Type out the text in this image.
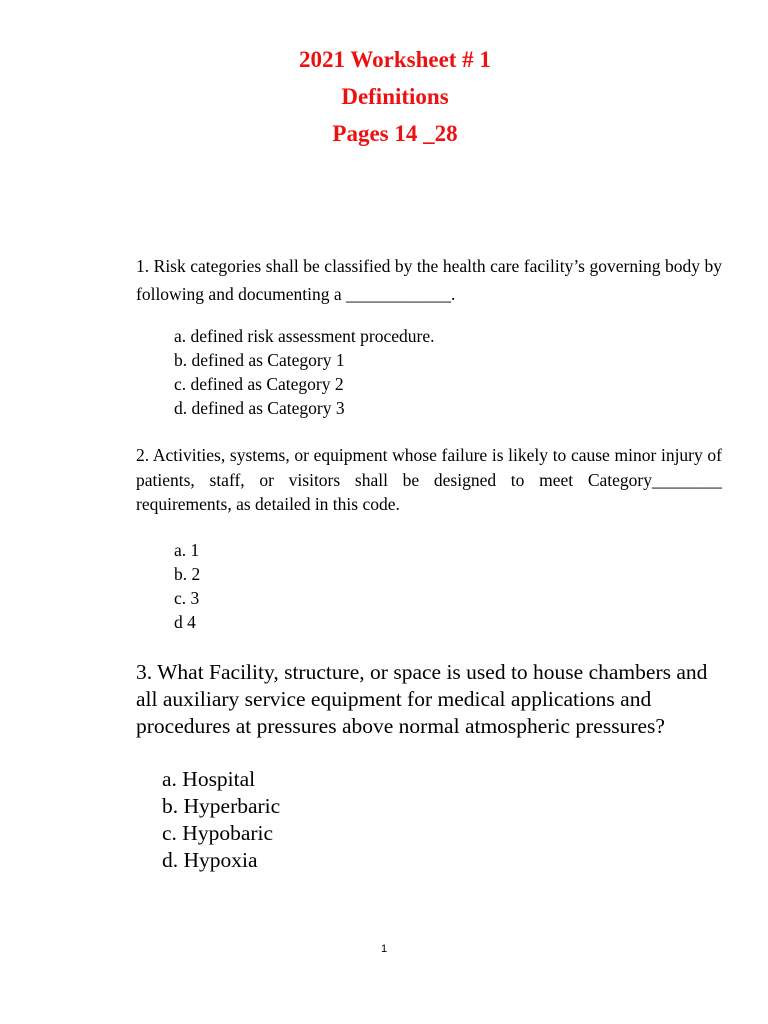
2021 Worksheet # 1
Definitions
Pages 14 _28
1. Risk categories shall be classified by the health care facility’s governing body by following and documenting a ____________.
a. defined risk assessment procedure.
b. defined as Category 1
c. defined as Category 2
d. defined as Category 3
2. Activities, systems, or equipment whose failure is likely to cause minor injury of patients, staff, or visitors shall be designed to meet Category________ requirements, as detailed in this code.
a. 1
b. 2
c. 3
d 4
3. What Facility, structure, or space is used to house chambers and all auxiliary service equipment for medical applications and procedures at pressures above normal atmospheric pressures?
a. Hospital
b. Hyperbaric
c. Hypobaric
d. Hypoxia
1
